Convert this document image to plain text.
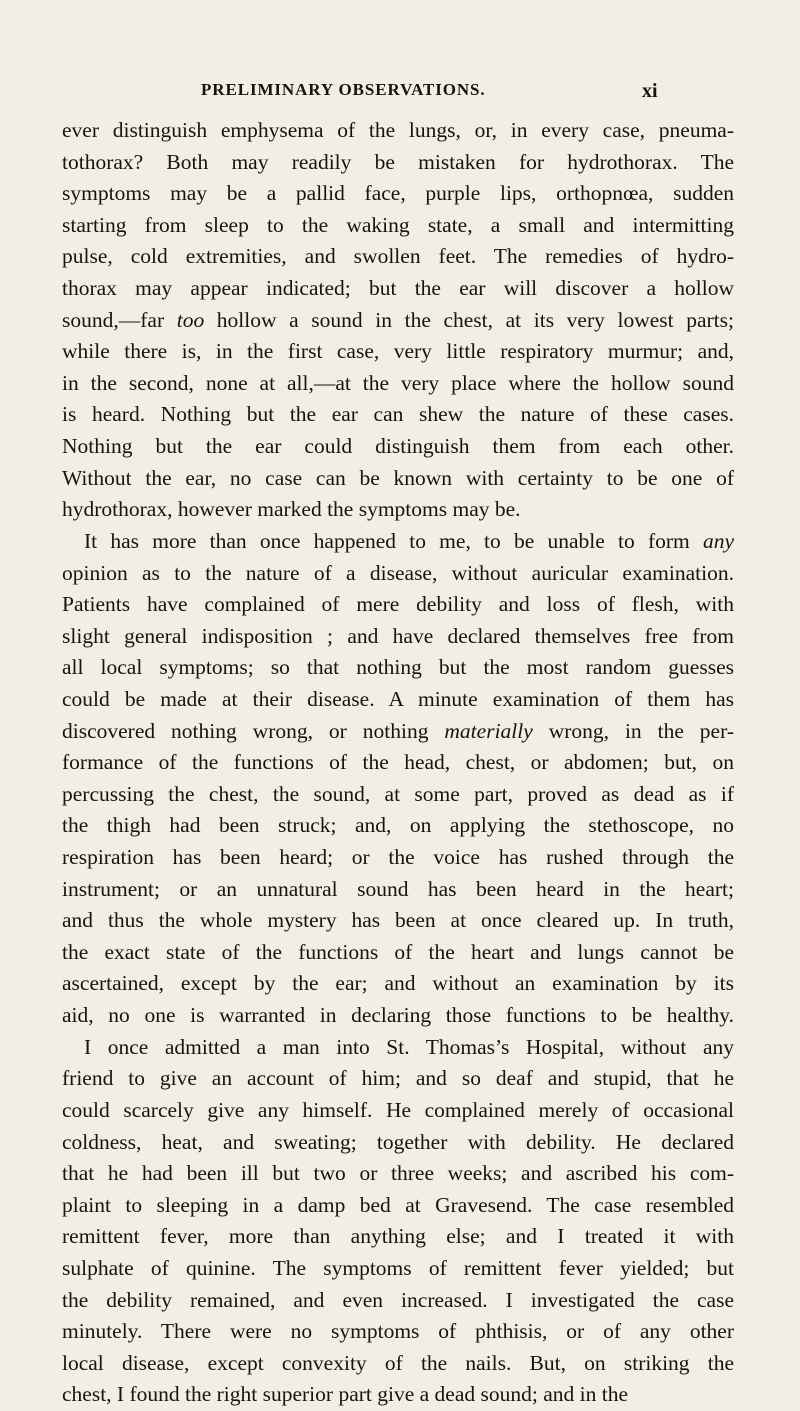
PRELIMINARY OBSERVATIONS.	xi
ever distinguish emphysema of the lungs, or, in every case, pneuma-
tothorax? Both may readily be mistaken for hydrothorax. The
symptoms may be a pallid face, purple lips, orthopnœa, sudden
starting from sleep to the waking state, a small and intermitting
pulse, cold extremities, and swollen feet. The remedies of hydro-
thorax may appear indicated; but the ear will discover a hollow
sound,—far too hollow a sound in the chest, at its very lowest parts;
while there is, in the first case, very little respiratory murmur; and,
in the second, none at all,—at the very place where the hollow sound
is heard. Nothing but the ear can shew the nature of these cases.
Nothing but the ear could distinguish them from each other.
Without the ear, no case can be known with certainty to be one of
hydrothorax, however marked the symptoms may be.
It has more than once happened to me, to be unable to form any
opinion as to the nature of a disease, without auricular examination.
Patients have complained of mere debility and loss of flesh, with
slight general indisposition ; and have declared themselves free from
all local symptoms; so that nothing but the most random guesses
could be made at their disease. A minute examination of them has
discovered nothing wrong, or nothing materially wrong, in the per-
formance of the functions of the head, chest, or abdomen; but, on
percussing the chest, the sound, at some part, proved as dead as if
the thigh had been struck; and, on applying the stethoscope, no
respiration has been heard; or the voice has rushed through the
instrument; or an unnatural sound has been heard in the heart;
and thus the whole mystery has been at once cleared up. In truth,
the exact state of the functions of the heart and lungs cannot be
ascertained, except by the ear; and without an examination by its
aid, no one is warranted in declaring those functions to be healthy.
I once admitted a man into St. Thomas’s Hospital, without any
friend to give an account of him; and so deaf and stupid, that he
could scarcely give any himself. He complained merely of occasional
coldness, heat, and sweating; together with debility. He declared
that he had been ill but two or three weeks; and ascribed his com-
plaint to sleeping in a damp bed at Gravesend. The case resembled
remittent fever, more than anything else; and I treated it with
sulphate of quinine. The symptoms of remittent fever yielded; but
the debility remained, and even increased. I investigated the case
minutely. There were no symptoms of phthisis, or of any other
local disease, except convexity of the nails. But, on striking the
chest, I found the right superior part give a dead sound; and in the
